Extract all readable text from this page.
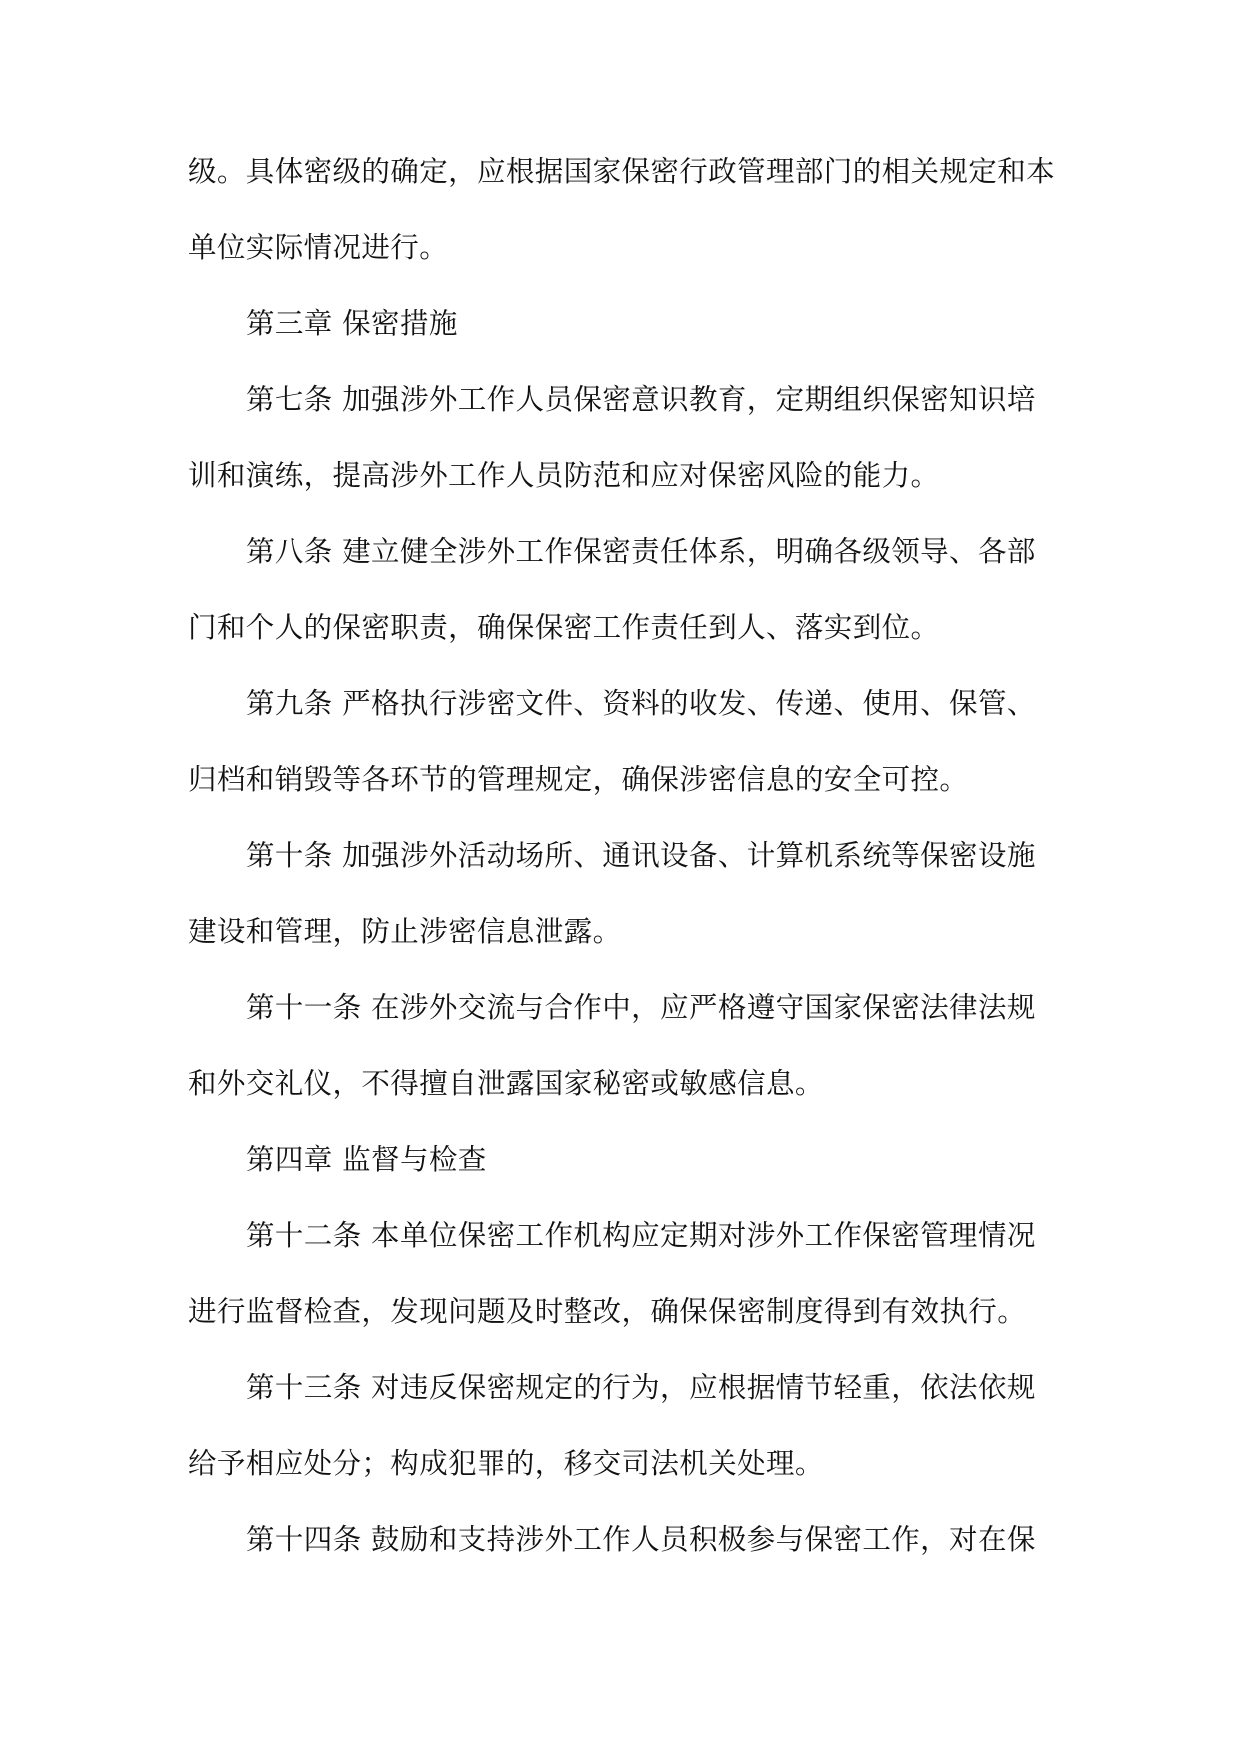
级。具体密级的确定，应根据国家保密行政管理部门的相关规定和本
单位实际情况进行。
第三章 保密措施
第七条 加强涉外工作人员保密意识教育，定期组织保密知识培
训和演练，提高涉外工作人员防范和应对保密风险的能力。
第八条 建立健全涉外工作保密责任体系，明确各级领导、各部
门和个人的保密职责，确保保密工作责任到人、落实到位。
第九条 严格执行涉密文件、资料的收发、传递、使用、保管、
归档和销毁等各环节的管理规定，确保涉密信息的安全可控。
第十条 加强涉外活动场所、通讯设备、计算机系统等保密设施
建设和管理，防止涉密信息泄露。
第十一条 在涉外交流与合作中，应严格遵守国家保密法律法规
和外交礼仪，不得擅自泄露国家秘密或敏感信息。
第四章 监督与检查
第十二条 本单位保密工作机构应定期对涉外工作保密管理情况
进行监督检查，发现问题及时整改，确保保密制度得到有效执行。
第十三条 对违反保密规定的行为，应根据情节轻重，依法依规
给予相应处分；构成犯罪的，移交司法机关处理。
第十四条 鼓励和支持涉外工作人员积极参与保密工作，对在保
